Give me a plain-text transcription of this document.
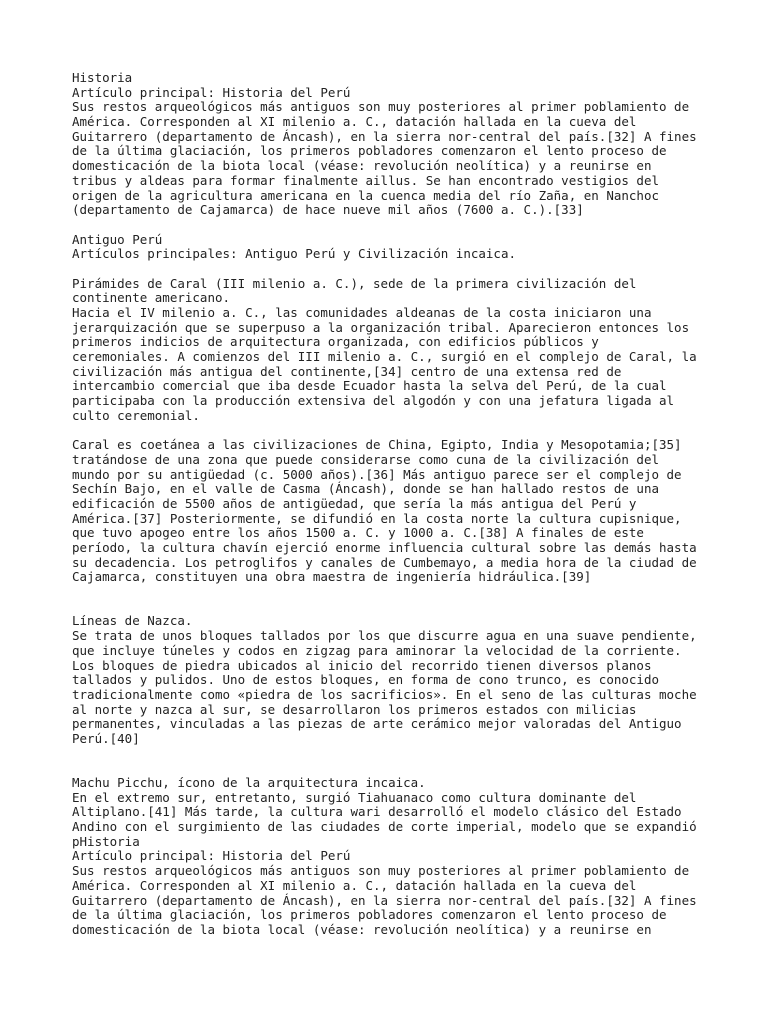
Historia
Artículo principal: Historia del Perú
Sus restos arqueológicos más antiguos son muy posteriores al primer poblamiento de
América. Corresponden al XI milenio a. C., datación hallada en la cueva del
Guitarrero (departamento de Áncash), en la sierra nor-central del país.[32] A fines
de la última glaciación, los primeros pobladores comenzaron el lento proceso de
domesticación de la biota local (véase: revolución neolítica) y a reunirse en
tribus y aldeas para formar finalmente aillus. Se han encontrado vestigios del
origen de la agricultura americana en la cuenca media del río Zaña, en Nanchoc
(departamento de Cajamarca) de hace nueve mil años (7600 a. C.).[33]
Antiguo Perú
Artículos principales: Antiguo Perú y Civilización incaica.
Pirámides de Caral (III milenio a. C.), sede de la primera civilización del
continente americano.
Hacia el IV milenio a. C., las comunidades aldeanas de la costa iniciaron una
jerarquización que se superpuso a la organización tribal. Aparecieron entonces los
primeros indicios de arquitectura organizada, con edificios públicos y
ceremoniales. A comienzos del III milenio a. C., surgió en el complejo de Caral, la
civilización más antigua del continente,[34] centro de una extensa red de
intercambio comercial que iba desde Ecuador hasta la selva del Perú, de la cual
participaba con la producción extensiva del algodón y con una jefatura ligada al
culto ceremonial.
Caral es coetánea a las civilizaciones de China, Egipto, India y Mesopotamia;[35]
tratándose de una zona que puede considerarse como cuna de la civilización del
mundo por su antigüedad (c. 5000 años).[36] Más antiguo parece ser el complejo de
Sechín Bajo, en el valle de Casma (Áncash), donde se han hallado restos de una
edificación de 5500 años de antigüedad, que sería la más antigua del Perú y
América.[37] Posteriormente, se difundió en la costa norte la cultura cupisnique,
que tuvo apogeo entre los años 1500 a. C. y 1000 a. C.[38] A finales de este
período, la cultura chavín ejerció enorme influencia cultural sobre las demás hasta
su decadencia. Los petroglifos y canales de Cumbemayo, a media hora de la ciudad de
Cajamarca, constituyen una obra maestra de ingeniería hidráulica.[39]
Líneas de Nazca.
Se trata de unos bloques tallados por los que discurre agua en una suave pendiente,
que incluye túneles y codos en zigzag para aminorar la velocidad de la corriente.
Los bloques de piedra ubicados al inicio del recorrido tienen diversos planos
tallados y pulidos. Uno de estos bloques, en forma de cono trunco, es conocido
tradicionalmente como «piedra de los sacrificios». En el seno de las culturas moche
al norte y nazca al sur, se desarrollaron los primeros estados con milicias
permanentes, vinculadas a las piezas de arte cerámico mejor valoradas del Antiguo
Perú.[40]
Machu Picchu, ícono de la arquitectura incaica.
En el extremo sur, entretanto, surgió Tiahuanaco como cultura dominante del
Altiplano.[41] Más tarde, la cultura wari desarrolló el modelo clásico del Estado
Andino con el surgimiento de las ciudades de corte imperial, modelo que se expandió
pHistoria
Artículo principal: Historia del Perú
Sus restos arqueológicos más antiguos son muy posteriores al primer poblamiento de
América. Corresponden al XI milenio a. C., datación hallada en la cueva del
Guitarrero (departamento de Áncash), en la sierra nor-central del país.[32] A fines
de la última glaciación, los primeros pobladores comenzaron el lento proceso de
domesticación de la biota local (véase: revolución neolítica) y a reunirse en
